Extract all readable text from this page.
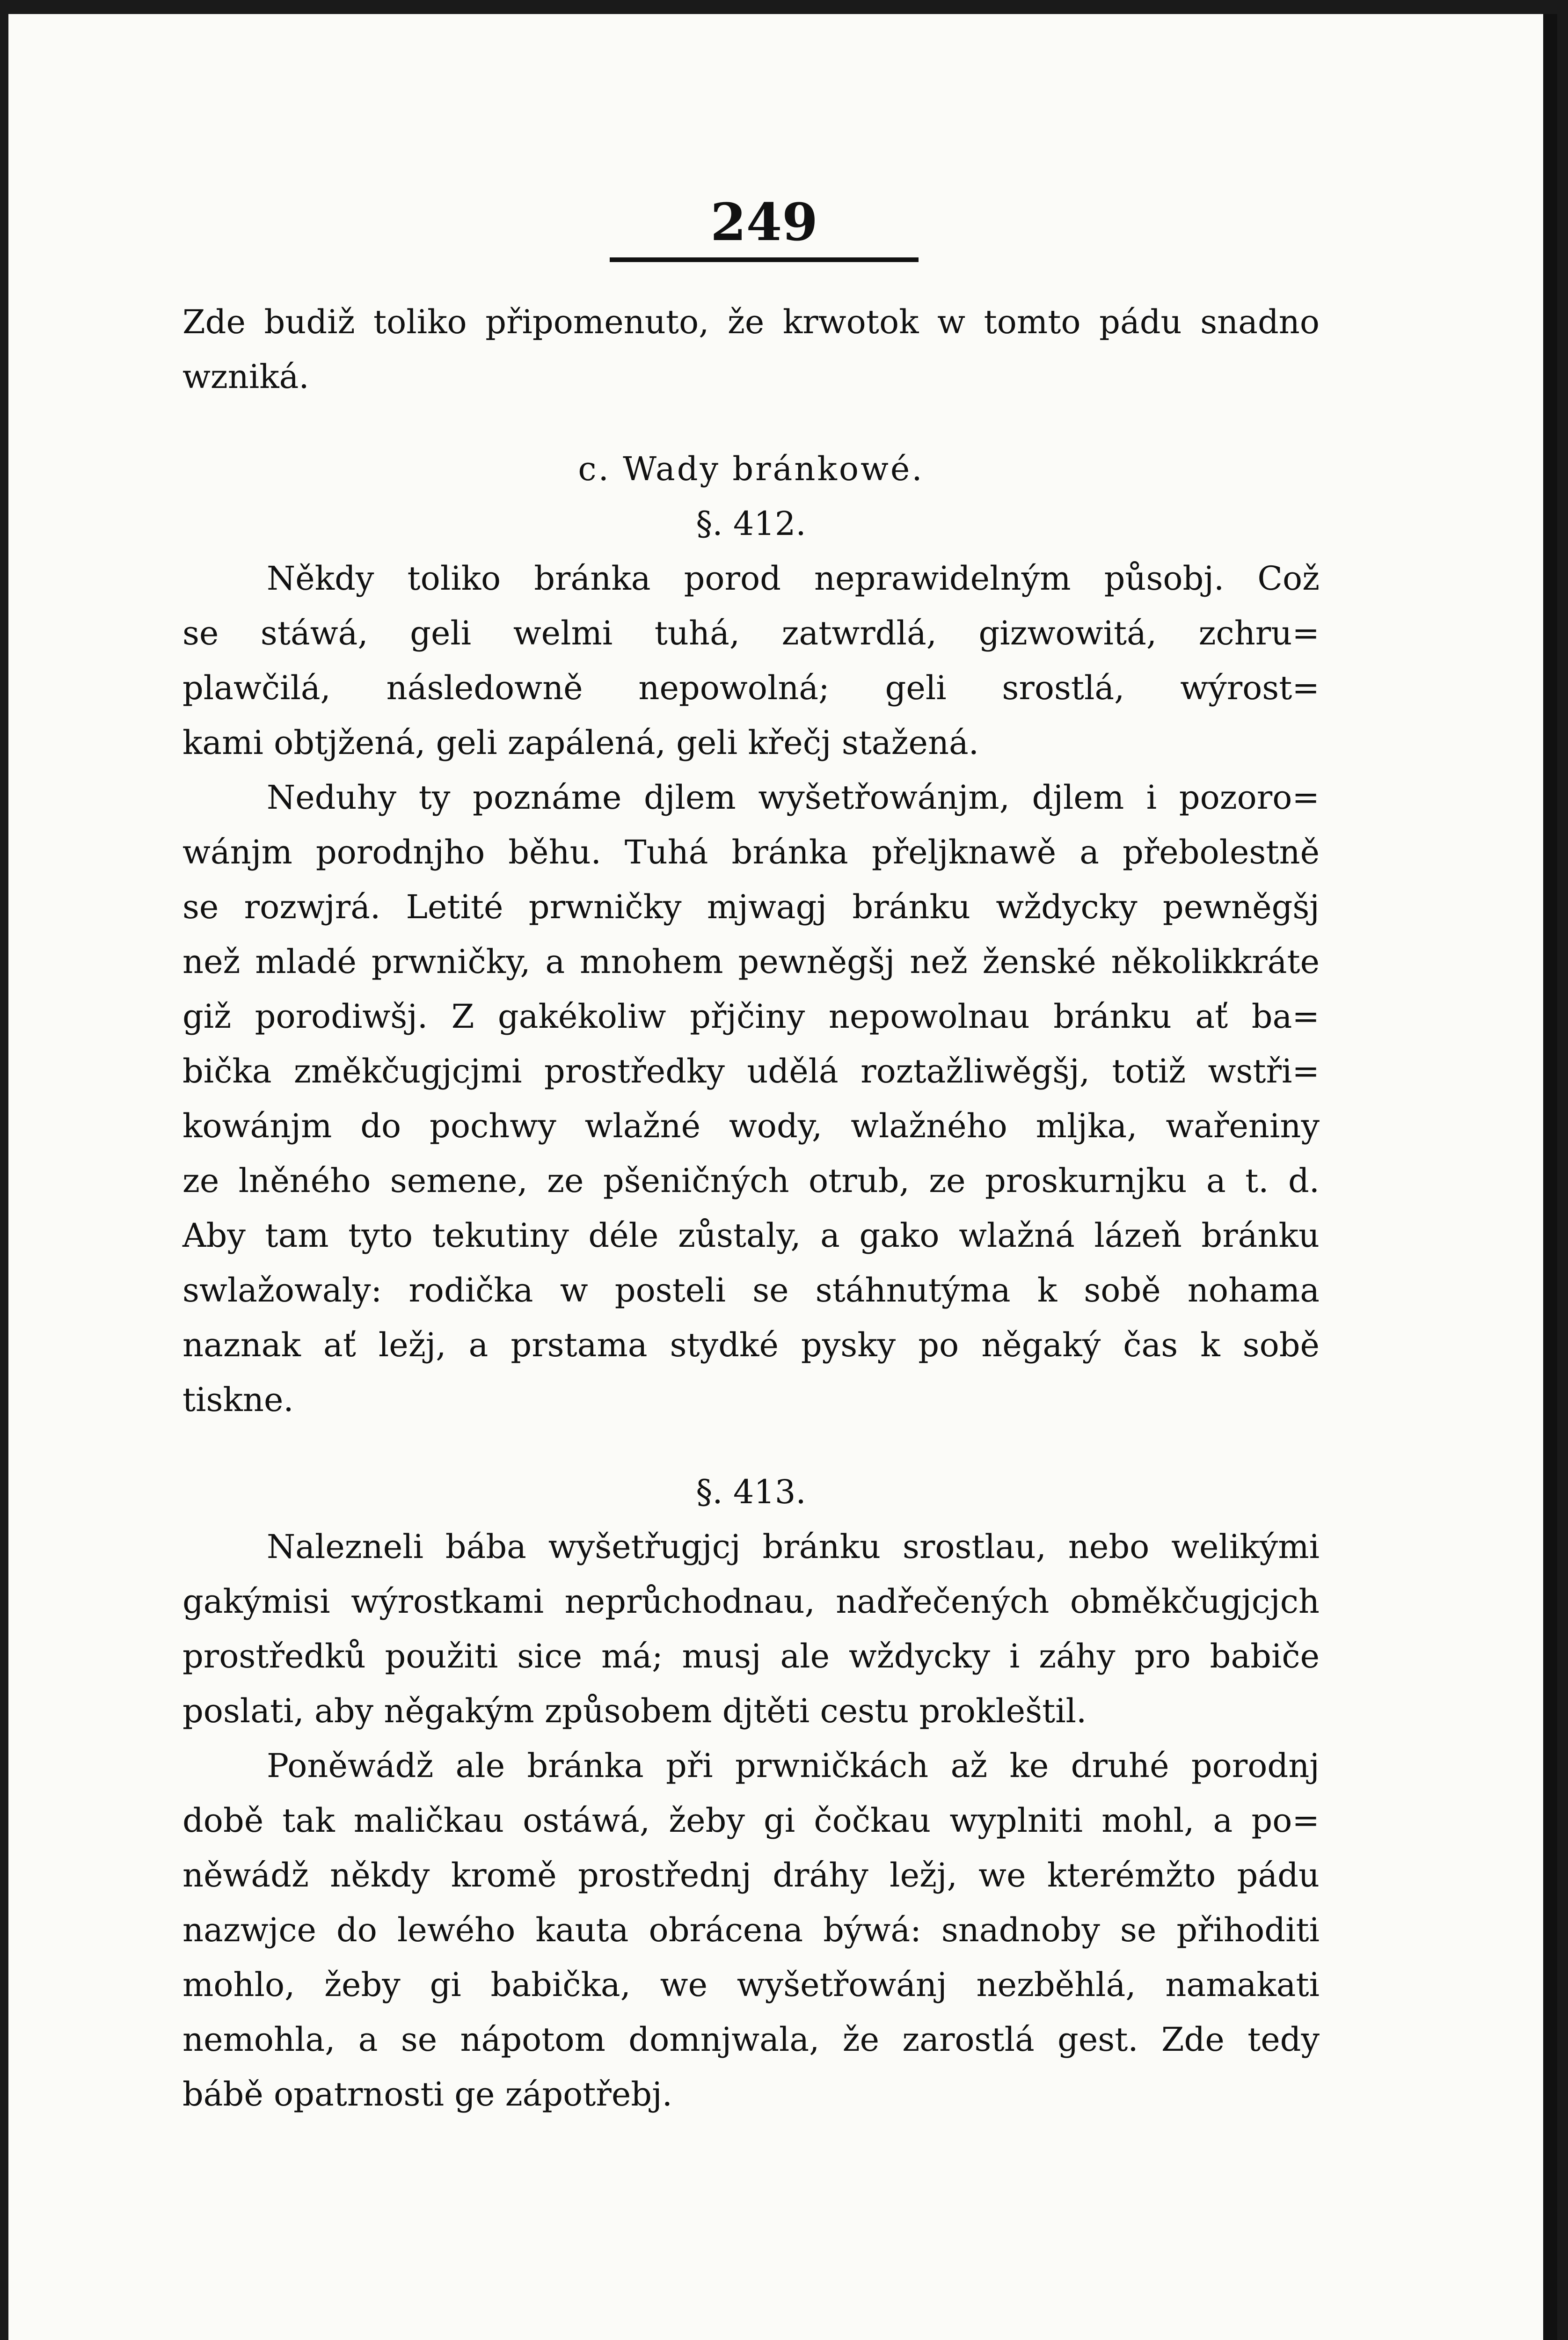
249
Zde budiž toliko připomenuto, že krwotok w tomto pádu snadno
wzniká.
c. Wady bránkowé.
§. 412.
Někdy toliko bránka porod neprawidelným působj. Což
se stáwá, geli welmi tuhá, zatwrdlá, gizwowitá, zchru=
plawčilá, následowně nepowolná; geli srostlá, wýrost=
kami obtjžená, geli zapálená, geli křečj stažená.
Neduhy ty poznáme djlem wyšetřowánjm, djlem i pozoro=
wánjm porodnjho běhu. Tuhá bránka přeljknawě a přebolestně
se rozwjrá. Letité prwničky mjwagj bránku wždycky pewněgšj
než mladé prwničky, a mnohem pewněgšj než ženské několikkráte
giž porodiwšj. Z gakékoliw přjčiny nepowolnau bránku ať ba=
bička změkčugjcjmi prostředky udělá roztažliwěgšj, totiž wstři=
kowánjm do pochwy wlažné wody, wlažného mljka, wařeniny
ze lněného semene, ze pšeničných otrub, ze proskurnjku a t. d.
Aby tam tyto tekutiny déle zůstaly, a gako wlažná lázeň bránku
swlažowaly: rodička w posteli se stáhnutýma k sobě nohama
naznak ať ležj, a prstama stydké pysky po něgaký čas k sobě
tiskne.
§. 413.
Nalezneli bába wyšetřugjcj bránku srostlau, nebo welikými
gakýmisi wýrostkami neprůchodnau, nadřečených obměkčugjcjch
prostředků použiti sice má; musj ale wždycky i záhy pro babiče
poslati, aby něgakým způsobem djtěti cestu prokleštil.
Poněwádž ale bránka při prwničkách až ke druhé porodnj
době tak maličkau ostáwá, žeby gi čočkau wyplniti mohl, a po=
něwádž někdy kromě prostřednj dráhy ležj, we kterémžto pádu
nazwjce do lewého kauta obrácena býwá: snadnoby se přihoditi
mohlo, žeby gi babička, we wyšetřowánj nezběhlá, namakati
nemohla, a se nápotom domnjwala, že zarostlá gest. Zde tedy
bábě opatrnosti ge zápotřebj.
